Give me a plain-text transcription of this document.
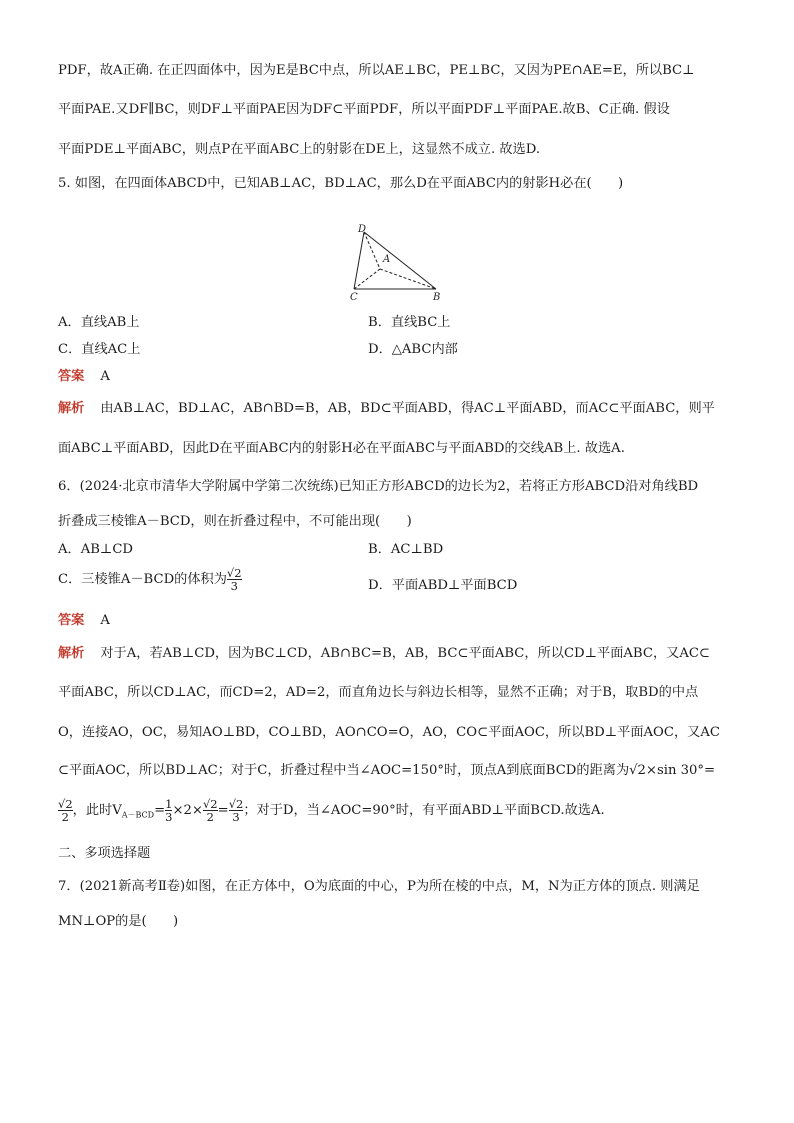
PDF，故A正确. 在正四面体中，因为E是BC中点，所以AE⊥BC，PE⊥BC，又因为PE∩AE=E，所以BC⊥
平面PAE.又DF∥BC，则DF⊥平面PAE因为DF⊂平面PDF，所以平面PDF⊥平面PAE.故B、C正确. 假设
平面PDE⊥平面ABC，则点P在平面ABC上的射影在DE上，这显然不成立. 故选D.
5. 如图，在四面体ABCD中，已知AB⊥AC，BD⊥AC，那么D在平面ABC内的射影H必在(　　)
D
A
C	B
A．直线AB上	B．直线BC上
C．直线AC上	D．△ABC内部
答案 A
解析 由AB⊥AC，BD⊥AC，AB∩BD=B，AB，BD⊂平面ABD，得AC⊥平面ABD，而AC⊂平面ABC，则平
面ABC⊥平面ABD，因此D在平面ABC内的射影H必在平面ABC与平面ABD的交线AB上. 故选A.
6．(2024·北京市清华大学附属中学第二次统练)已知正方形ABCD的边长为2，若将正方形ABCD沿对角线BD
折叠成三棱锥A－BCD，则在折叠过程中，不可能出现(　　)
A．AB⊥CD	B．AC⊥BD
C．三棱锥A－BCD的体积为 $\frac{√2}{3}$	D．平面ABD⊥平面BCD
答案 A
解析 对于A，若AB⊥CD，因为BC⊥CD，AB∩BC=B，AB，BC⊂平面ABC，所以CD⊥平面ABC，又AC⊂
平面ABC，所以CD⊥AC，而CD=2，AD=2，而直角边长与斜边长相等，显然不正确；对于B，取BD的中点
O，连接AO，OC，易知AO⊥BD，CO⊥BD，AO∩CO=O，AO，CO⊂平面AOC，所以BD⊥平面AOC，又AC
⊂平面AOC，所以BD⊥AC；对于C，折叠过程中当∠AOC=150°时，顶点A到底面BCD的距离为√2×sin 30°=
$\frac{√2}{2}$ ，此时$V_{A-BCD}= \frac{1}{3} \times 2\times \frac{√2}{2} = \frac{√2}{3}$ ；对于D，当∠AOC=90°时，有平面ABD⊥平面BCD.故选A.
二、多项选择题
7．(2021新高考Ⅱ卷)如图，在正方体中，O为底面的中心，P为所在棱的中点，M，N为正方体的顶点. 则满足
MN⊥OP的是(　　)
